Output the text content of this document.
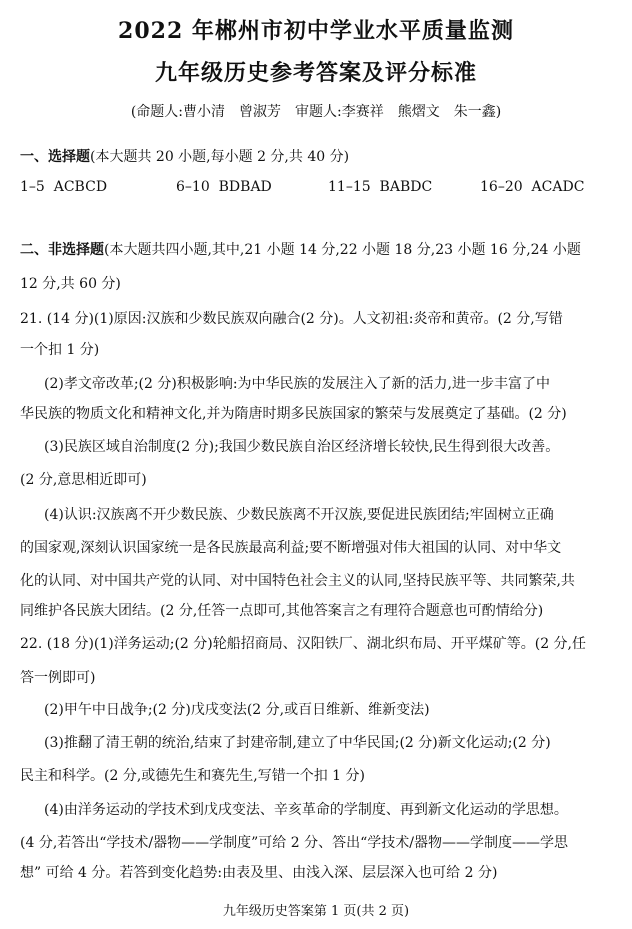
2022 年郴州市初中学业水平质量监测
九年级历史参考答案及评分标准
(命题人:曹小清　曾淑芳　审题人:李赛祥　熊熠文　朱一鑫)
一、选择题(本大题共 20 小题,每小题 2 分,共 40 分)
1–5 ACBCD	6–10 BDBAD	11–15 BABDC	16–20 ACADC
二、非选择题(本大题共四小题,其中,21 小题 14 分,22 小题 18 分,23 小题 16 分,24 小题
12 分,共 60 分)
21. (14 分)(1)原因:汉族和少数民族双向融合(2 分)。人文初祖:炎帝和黄帝。(2 分,写错
一个扣 1 分)
(2)孝文帝改革;(2 分)积极影响:为中华民族的发展注入了新的活力,进一步丰富了中
华民族的物质文化和精神文化,并为隋唐时期多民族国家的繁荣与发展奠定了基础。(2 分)
(3)民族区域自治制度(2 分);我国少数民族自治区经济增长较快,民生得到很大改善。
(2 分,意思相近即可)
(4)认识:汉族离不开少数民族、少数民族离不开汉族,要促进民族团结;牢固树立正确
的国家观,深刻认识国家统一是各民族最高利益;要不断增强对伟大祖国的认同、对中华文
化的认同、对中国共产党的认同、对中国特色社会主义的认同,坚持民族平等、共同繁荣,共
同维护各民族大团结。(2 分,任答一点即可,其他答案言之有理符合题意也可酌情给分)
22. (18 分)(1)洋务运动;(2 分)轮船招商局、汉阳铁厂、湖北织布局、开平煤矿等。(2 分,任
答一例即可)
(2)甲午中日战争;(2 分)戊戌变法(2 分,或百日维新、维新变法)
(3)推翻了清王朝的统治,结束了封建帝制,建立了中华民国;(2 分)新文化运动;(2 分)
民主和科学。(2 分,或德先生和赛先生,写错一个扣 1 分)
(4)由洋务运动的学技术到戊戌变法、辛亥革命的学制度、再到新文化运动的学思想。
(4 分,若答出“学技术/器物——学制度”可给 2 分、答出“学技术/器物——学制度——学思
想” 可给 4 分。若答到变化趋势:由表及里、由浅入深、层层深入也可给 2 分)
九年级历史答案第 1 页(共 2 页)
